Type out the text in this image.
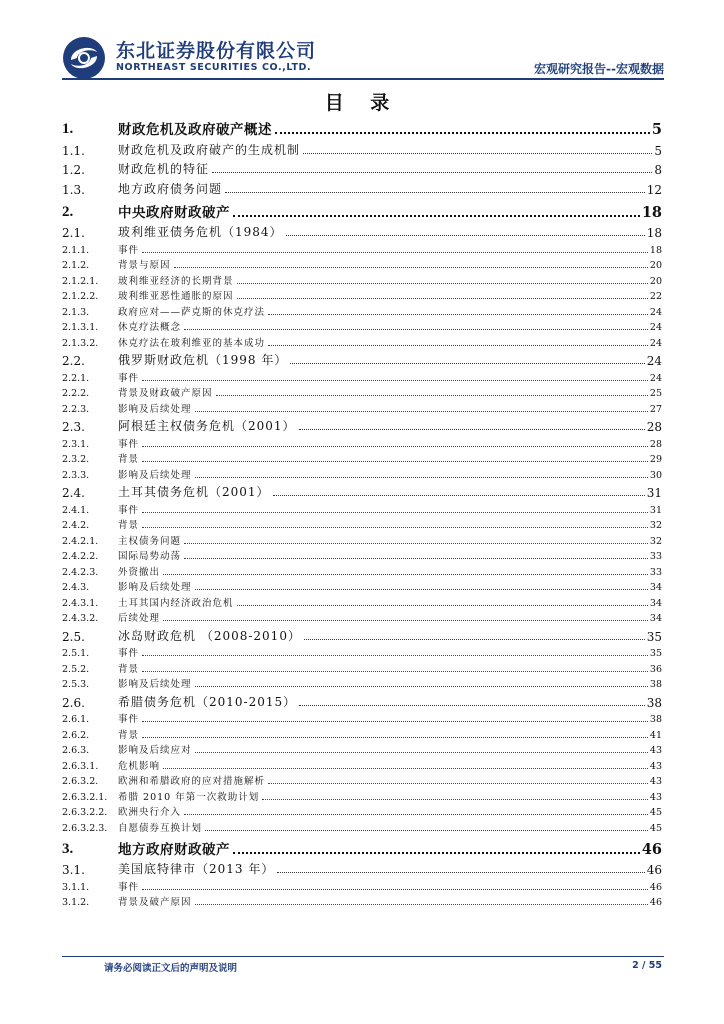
东北证券股份有限公司
NORTHEAST SECURITIES CO.,LTD.	宏观研究报告--宏观数据
目 录
1.	财政危机及政府破产概述	5
1.1.	财政危机及政府破产的生成机制	5
1.2.	财政危机的特征	8
1.3.	地方政府债务问题	12
2.	中央政府财政破产	18
2.1.	玻利维亚债务危机（1984）	18
2.1.1.	事件	18
2.1.2.	背景与原因	20
2.1.2.1.	玻利维亚经济的长期背景	20
2.1.2.2.	玻利维亚恶性通胀的原因	22
2.1.3.	政府应对——萨克斯的休克疗法	24
2.1.3.1.	休克疗法概念	24
2.1.3.2.	休克疗法在玻利维亚的基本成功	24
2.2.	俄罗斯财政危机（1998 年）	24
2.2.1.	事件	24
2.2.2.	背景及财政破产原因	25
2.2.3.	影响及后续处理	27
2.3.	阿根廷主权债务危机（2001）	28
2.3.1.	事件	28
2.3.2.	背景	29
2.3.3.	影响及后续处理	30
2.4.	土耳其债务危机（2001）	31
2.4.1.	事件	31
2.4.2.	背景	32
2.4.2.1.	主权债务问题	32
2.4.2.2.	国际局势动荡	33
2.4.2.3.	外资撤出	33
2.4.3.	影响及后续处理	34
2.4.3.1.	土耳其国内经济政治危机	34
2.4.3.2.	后续处理	34
2.5.	冰岛财政危机 （2008-2010）	35
2.5.1.	事件	35
2.5.2.	背景	36
2.5.3.	影响及后续处理	38
2.6.	希腊债务危机（2010-2015）	38
2.6.1.	事件	38
2.6.2.	背景	41
2.6.3.	影响及后续应对	43
2.6.3.1.	危机影响	43
2.6.3.2.	欧洲和希腊政府的应对措施解析	43
2.6.3.2.1.	希腊 2010 年第一次救助计划	43
2.6.3.2.2.	欧洲央行介入	45
2.6.3.2.3.	自愿债券互换计划	45
3.	地方政府财政破产	46
3.1.	美国底特律市（2013 年）	46
3.1.1.	事件	46
3.1.2.	背景及破产原因	46
请务必阅读正文后的声明及说明	2 / 55
